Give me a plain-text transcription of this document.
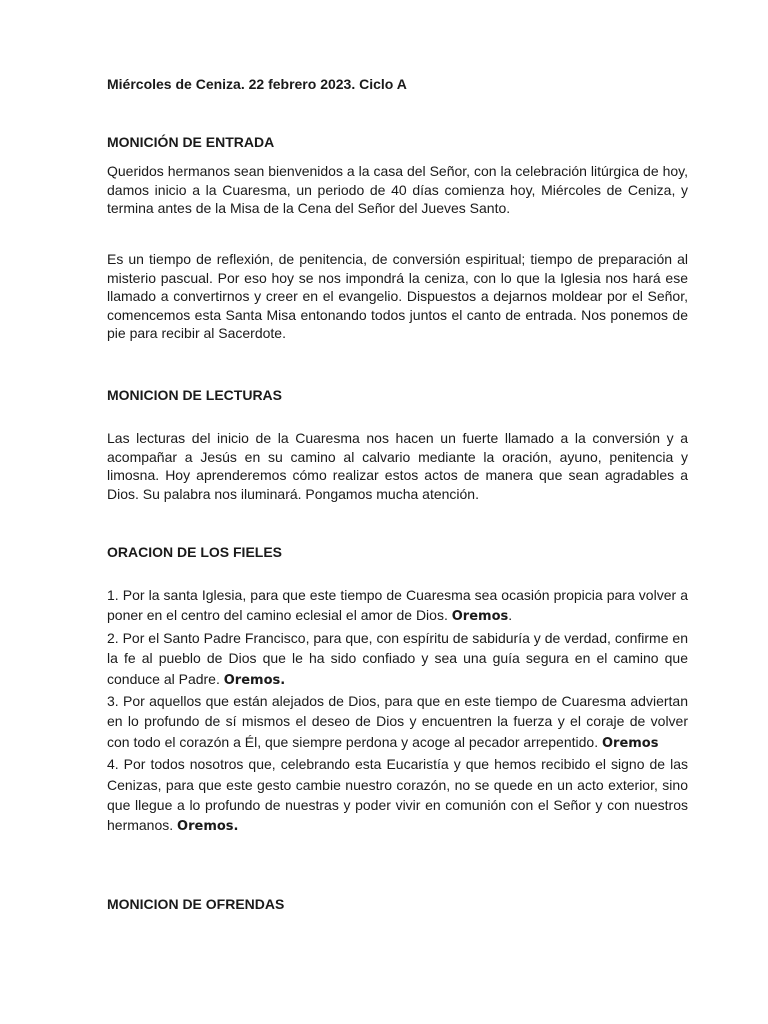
Miércoles de Ceniza. 22 febrero 2023. Ciclo A

MONICIÓN DE ENTRADA

Queridos hermanos sean bienvenidos a la casa del Señor, con la celebración litúrgica de hoy, damos inicio a la Cuaresma, un periodo de 40 días comienza hoy, Miércoles de Ceniza, y termina antes de la Misa de la Cena del Señor del Jueves Santo.

Es un tiempo de reflexión, de penitencia, de conversión espiritual; tiempo de preparación al misterio pascual. Por eso hoy se nos impondrá la ceniza, con lo que la Iglesia nos hará ese llamado a convertirnos y creer en el evangelio. Dispuestos a dejarnos moldear por el Señor, comencemos esta Santa Misa entonando todos juntos el canto de entrada. Nos ponemos de pie para recibir al Sacerdote.

MONICION DE LECTURAS

Las lecturas del inicio de la Cuaresma nos hacen un fuerte llamado a la conversión y a acompañar a Jesús en su camino al calvario mediante la oración, ayuno, penitencia y limosna. Hoy aprenderemos cómo realizar estos actos de manera que sean agradables a Dios. Su palabra nos iluminará. Pongamos mucha atención.

ORACION DE LOS FIELES

1. Por la santa Iglesia, para que este tiempo de Cuaresma sea ocasión propicia para volver a poner en el centro del camino eclesial el amor de Dios. Oremos.

2. Por el Santo Padre Francisco, para que, con espíritu de sabiduría y de verdad, confirme en la fe al pueblo de Dios que le ha sido confiado y sea una guía segura en el camino que conduce al Padre. Oremos.

3. Por aquellos que están alejados de Dios, para que en este tiempo de Cuaresma adviertan en lo profundo de sí mismos el deseo de Dios y encuentren la fuerza y el coraje de volver con todo el corazón a Él, que siempre perdona y acoge al pecador arrepentido. Oremos

4. Por todos nosotros que, celebrando esta Eucaristía y que hemos recibido el signo de las Cenizas, para que este gesto cambie nuestro corazón, no se quede en un acto exterior, sino que llegue a lo profundo de nuestras y poder vivir en comunión con el Señor y con nuestros hermanos. Oremos.

MONICION DE OFRENDAS
